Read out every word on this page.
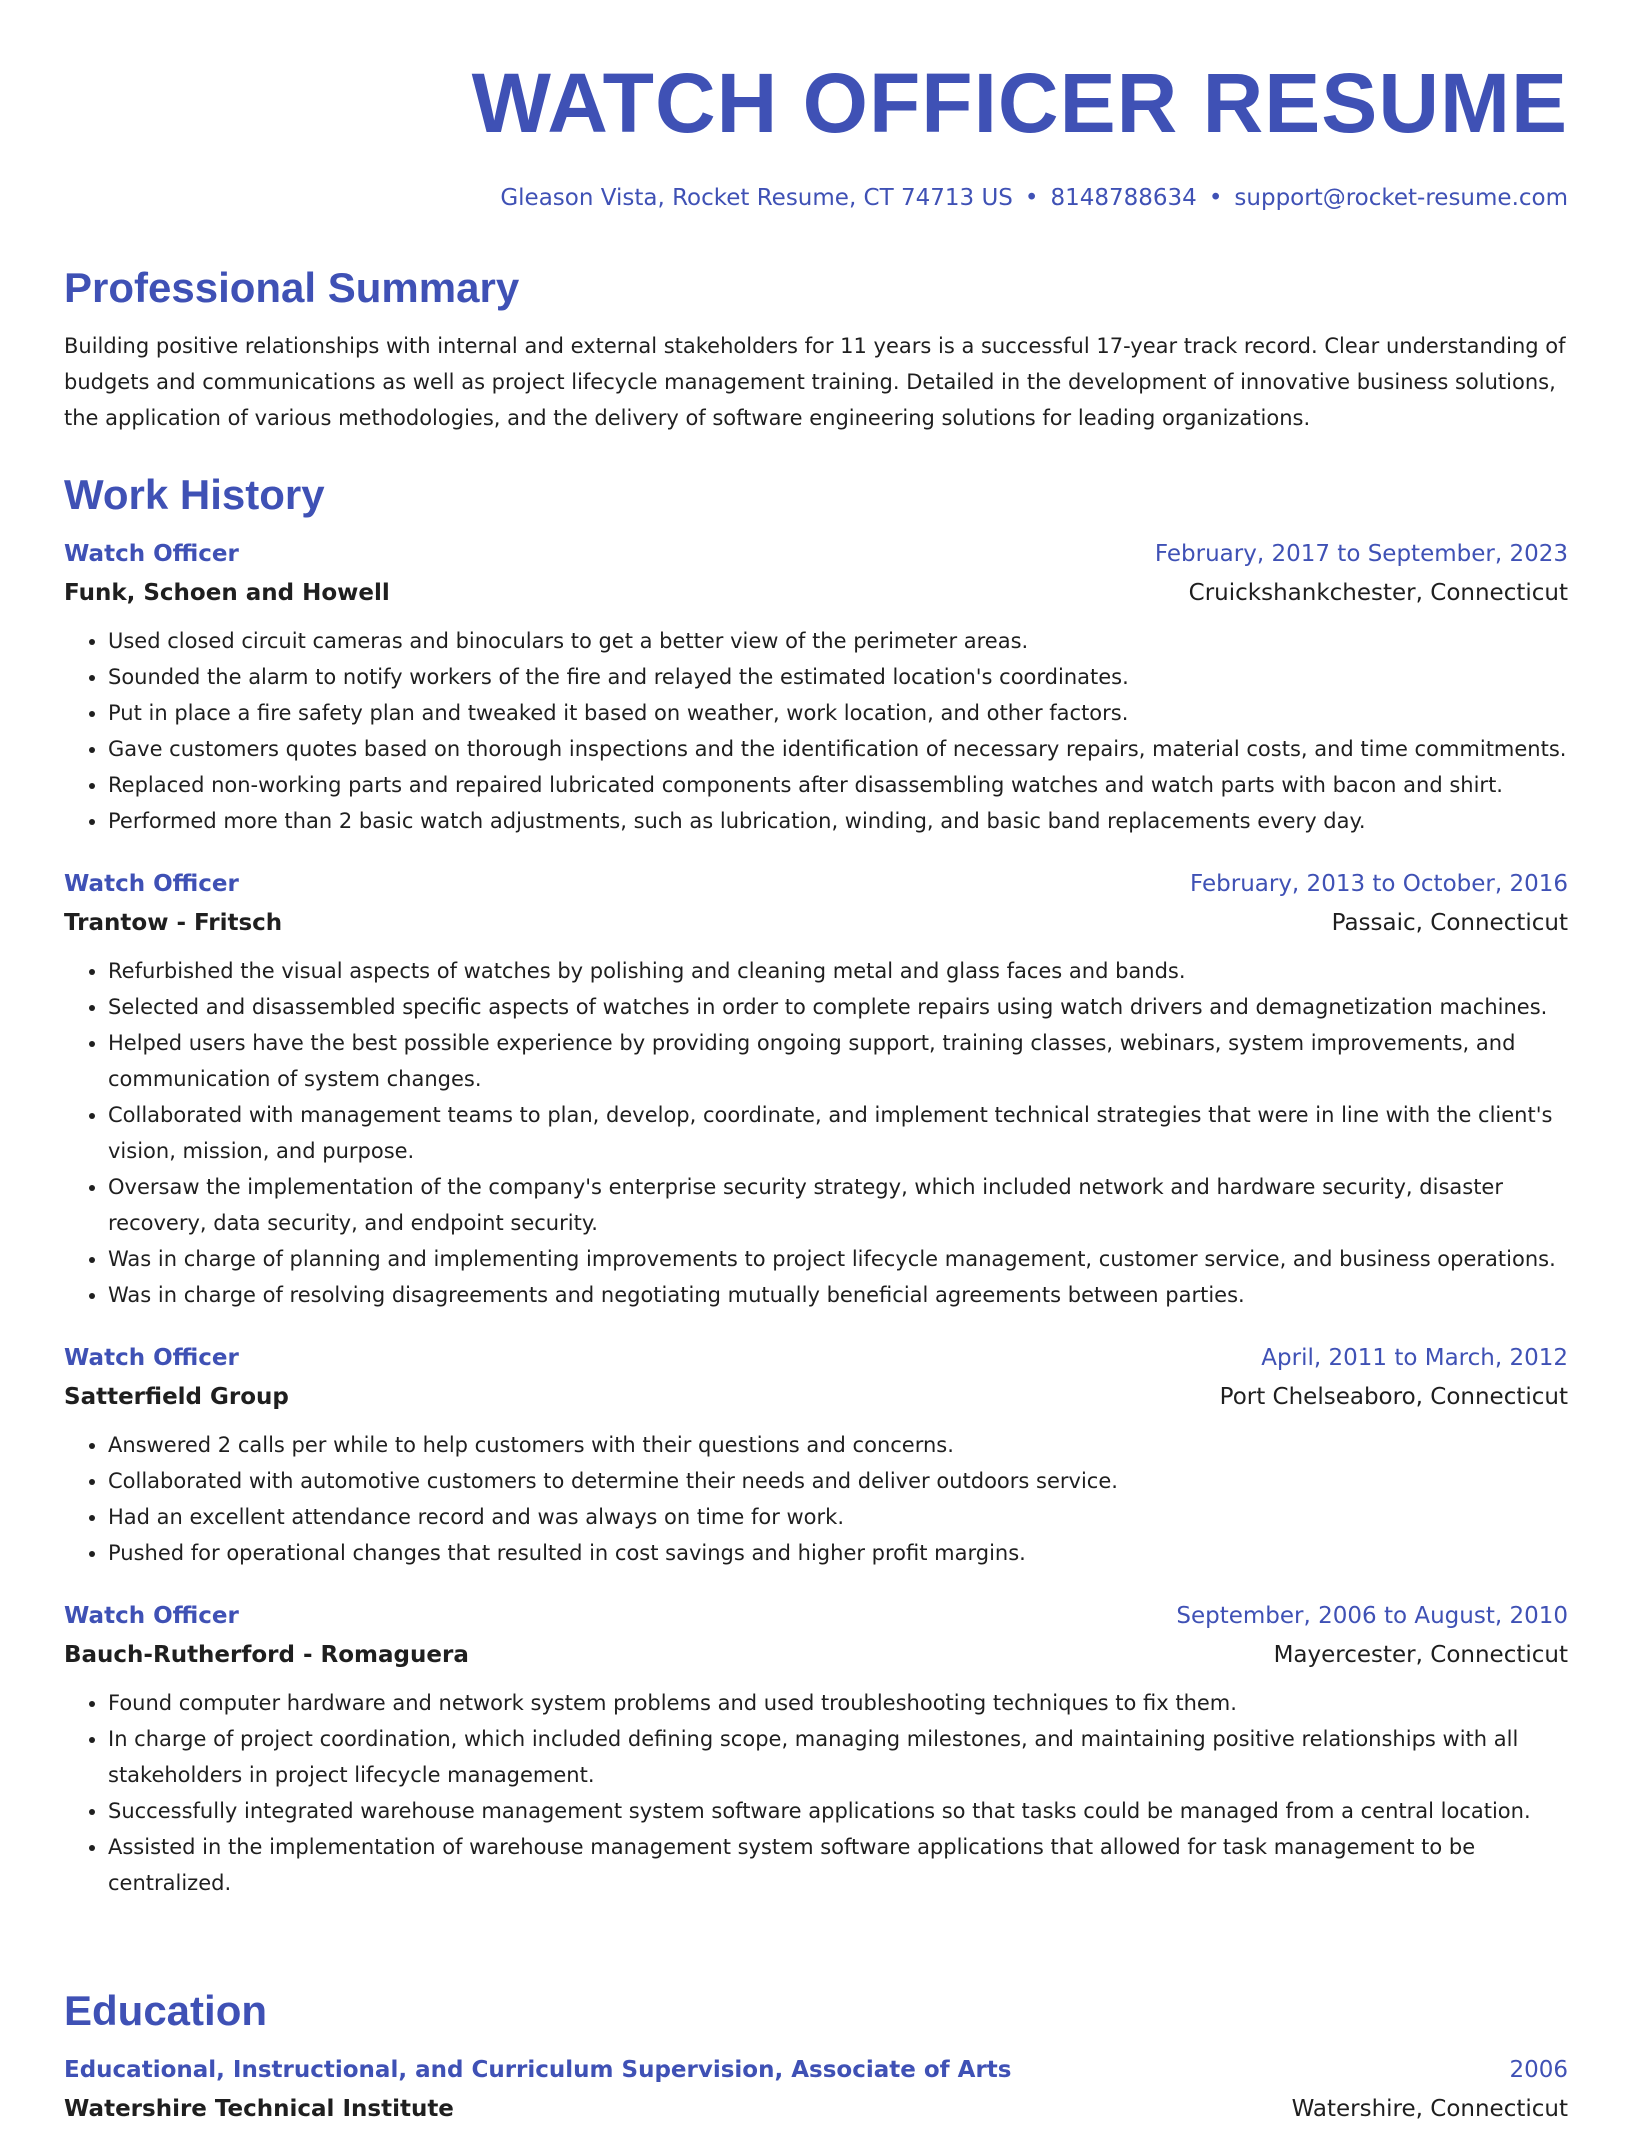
WATCH OFFICER RESUME
Gleason Vista, Rocket Resume, CT 74713 US • 8148788634 • support@rocket-resume.com
Professional Summary

Building positive relationships with internal and external stakeholders for 11 years is a successful 17-year track record. Clear understanding of budgets and communications as well as project lifecycle management training. Detailed in the development of innovative business solutions, the application of various methodologies, and the delivery of software engineering solutions for leading organizations.

Work History
Watch Officer	February, 2017 to September, 2023
Funk, Schoen and Howell	Cruickshankchester, Connecticut
• Used closed circuit cameras and binoculars to get a better view of the perimeter areas.
• Sounded the alarm to notify workers of the fire and relayed the estimated location's coordinates.
• Put in place a fire safety plan and tweaked it based on weather, work location, and other factors.
• Gave customers quotes based on thorough inspections and the identification of necessary repairs, material costs, and time commitments.
• Replaced non-working parts and repaired lubricated components after disassembling watches and watch parts with bacon and shirt.
• Performed more than 2 basic watch adjustments, such as lubrication, winding, and basic band replacements every day.
Watch Officer	February, 2013 to October, 2016
Trantow - Fritsch	Passaic, Connecticut
• Refurbished the visual aspects of watches by polishing and cleaning metal and glass faces and bands.
• Selected and disassembled specific aspects of watches in order to complete repairs using watch drivers and demagnetization machines.
• Helped users have the best possible experience by providing ongoing support, training classes, webinars, system improvements, and communication of system changes.
• Collaborated with management teams to plan, develop, coordinate, and implement technical strategies that were in line with the client's vision, mission, and purpose.
• Oversaw the implementation of the company's enterprise security strategy, which included network and hardware security, disaster recovery, data security, and endpoint security.
• Was in charge of planning and implementing improvements to project lifecycle management, customer service, and business operations.
• Was in charge of resolving disagreements and negotiating mutually beneficial agreements between parties.
Watch Officer	April, 2011 to March, 2012
Satterfield Group	Port Chelseaboro, Connecticut
• Answered 2 calls per while to help customers with their questions and concerns.
• Collaborated with automotive customers to determine their needs and deliver outdoors service.
• Had an excellent attendance record and was always on time for work.
• Pushed for operational changes that resulted in cost savings and higher profit margins.
Watch Officer	September, 2006 to August, 2010
Bauch-Rutherford - Romaguera	Mayercester, Connecticut
• Found computer hardware and network system problems and used troubleshooting techniques to fix them.
• In charge of project coordination, which included defining scope, managing milestones, and maintaining positive relationships with all stakeholders in project lifecycle management.
• Successfully integrated warehouse management system software applications so that tasks could be managed from a central location.
• Assisted in the implementation of warehouse management system software applications that allowed for task management to be centralized.
Education
Educational, Instructional, and Curriculum Supervision, Associate of Arts	2006
Watershire Technical Institute	Watershire, Connecticut
